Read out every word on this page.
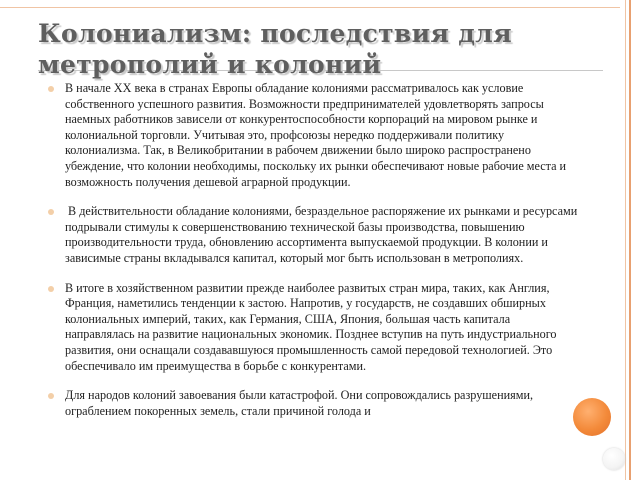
Колониализм: последствия для
метрополий и колоний
В начале ХХ века в странах Европы обладание колониями рассматривалось как условие собственного успешного развития. Возможности предпринимателей удовлетворять запросы наемных работников зависели от конкурентоспособности корпораций на мировом рынке и колониальной торговли. Учитывая это, профсоюзы нередко поддерживали политику колониализма. Так, в Великобритании в рабочем движении было широко распространено убеждение, что колонии необходимы, поскольку их рынки обеспечивают новые рабочие места и возможность получения дешевой аграрной продукции.
В действительности обладание колониями, безраздельное распоряжение их рынками и ресурсами подрывали стимулы к совершенствованию технической базы производства, повышению производительности труда, обновлению ассортимента выпускаемой продукции. В колонии и зависимые страны вкладывался капитал, который мог быть использован в метрополиях.
В итоге в хозяйственном развитии прежде наиболее развитых стран мира, таких, как Англия, Франция, наметились тенденции к застою. Напротив, у государств, не создавших обширных колониальных империй, таких, как Германия, США, Япония, большая часть капитала направлялась на развитие национальных экономик. Позднее вступив на путь индустриального развития, они оснащали создававшуюся промышленность самой передовой технологией. Это обеспечивало им преимущества в борьбе с конкурентами.
Для народов колоний завоевания были катастрофой. Они сопровождались разрушениями, ограблением покоренных земель, стали причиной голода и
